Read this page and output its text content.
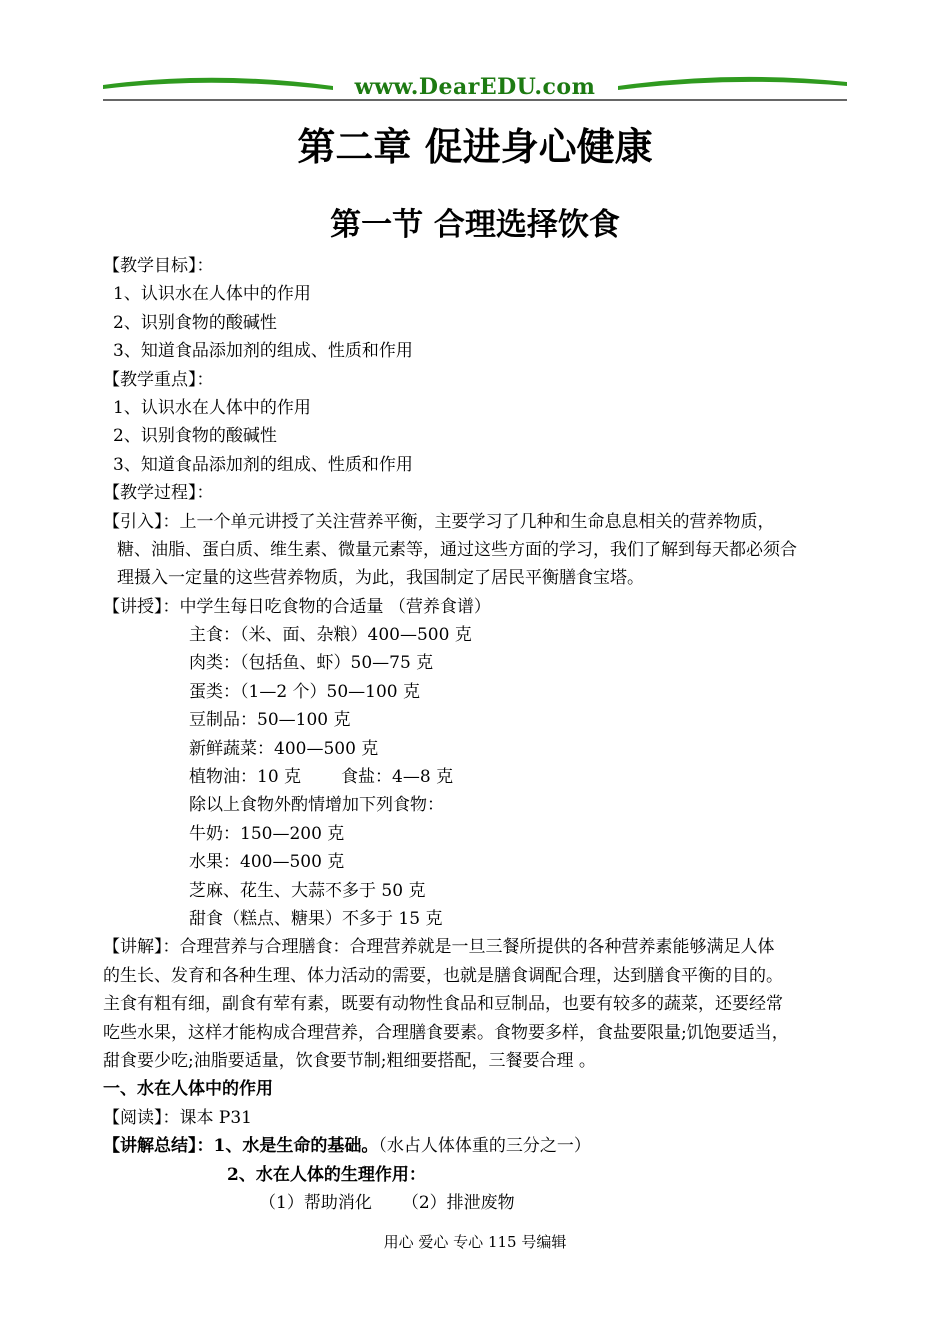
www.DearEDU.com
第二章 促进身心健康
第一节 合理选择饮食
【教学目标】：
1、认识水在人体中的作用
2、识别食物的酸碱性
3、知道食品添加剂的组成、性质和作用
【教学重点】：
1、认识水在人体中的作用
2、识别食物的酸碱性
3、知道食品添加剂的组成、性质和作用
【教学过程】：
【引入】：上一个单元讲授了关注营养平衡，主要学习了几种和生命息息相关的营养物质，
糖、油脂、蛋白质、维生素、微量元素等，通过这些方面的学习，我们了解到每天都必须合
理摄入一定量的这些营养物质，为此，我国制定了居民平衡膳食宝塔。
【讲授】：中学生每日吃食物的合适量 （营养食谱）
主食：（米、面、杂粮）400—500 克
肉类：（包括鱼、虾）50—75 克
蛋类：（1—2 个）50—100 克
豆制品：50—100 克
新鲜蔬菜：400—500 克
植物油：10 克 食盐：4—8 克
除以上食物外酌情增加下列食物：
牛奶：150—200 克
水果：400—500 克
芝麻、花生、大蒜不多于 50 克
甜食（糕点、糖果）不多于 15 克
【讲解】：合理营养与合理膳食：合理营养就是一旦三餐所提供的各种营养素能够满足人体
的生长、发育和各种生理、体力活动的需要，也就是膳食调配合理，达到膳食平衡的目的。
主食有粗有细，副食有荤有素，既要有动物性食品和豆制品，也要有较多的蔬菜，还要经常
吃些水果，这样才能构成合理营养，合理膳食要素。食物要多样，食盐要限量;饥饱要适当，
甜食要少吃;油脂要适量，饮食要节制;粗细要搭配，三餐要合理 。
一、水在人体中的作用
【阅读】：课本 P31
【讲解总结】：1、水是生命的基础。（水占人体体重的三分之一）
2、水在人体的生理作用：
（1）帮助消化 （2）排泄废物
用心 爱心 专心 115 号编辑
